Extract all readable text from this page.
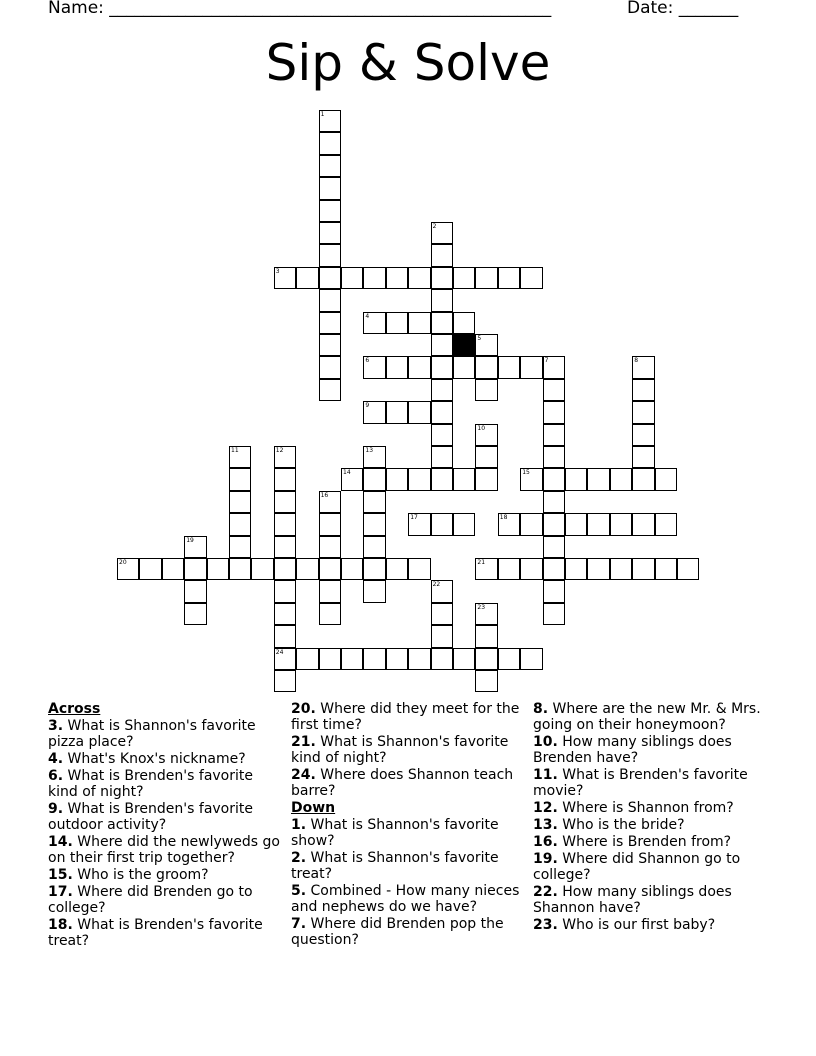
Name: ____________________________________________________	Date: _______
Sip & Solve
1
2
3
4
5
6	7	8
9
10
11	12	13
14	15
16
17	18
19
20	21
22
23
24
Across
3. What is Shannon's favorite pizza place?
4. What's Knox's nickname?
6. What is Brenden's favorite kind of night?
9. What is Brenden's favorite outdoor activity?
14. Where did the newlyweds go on their first trip together?
15. Who is the groom?
17. Where did Brenden go to college?
18. What is Brenden's favorite treat?
20. Where did they meet for the first time?
21. What is Shannon's favorite kind of night?
24. Where does Shannon teach barre?
Down
1. What is Shannon's favorite show?
2. What is Shannon's favorite treat?
5. Combined - How many nieces and nephews do we have?
7. Where did Brenden pop the question?
8. Where are the new Mr. & Mrs. going on their honeymoon?
10. How many siblings does Brenden have?
11. What is Brenden's favorite movie?
12. Where is Shannon from?
13. Who is the bride?
16. Where is Brenden from?
19. Where did Shannon go to college?
22. How many siblings does Shannon have?
23. Who is our first baby?
